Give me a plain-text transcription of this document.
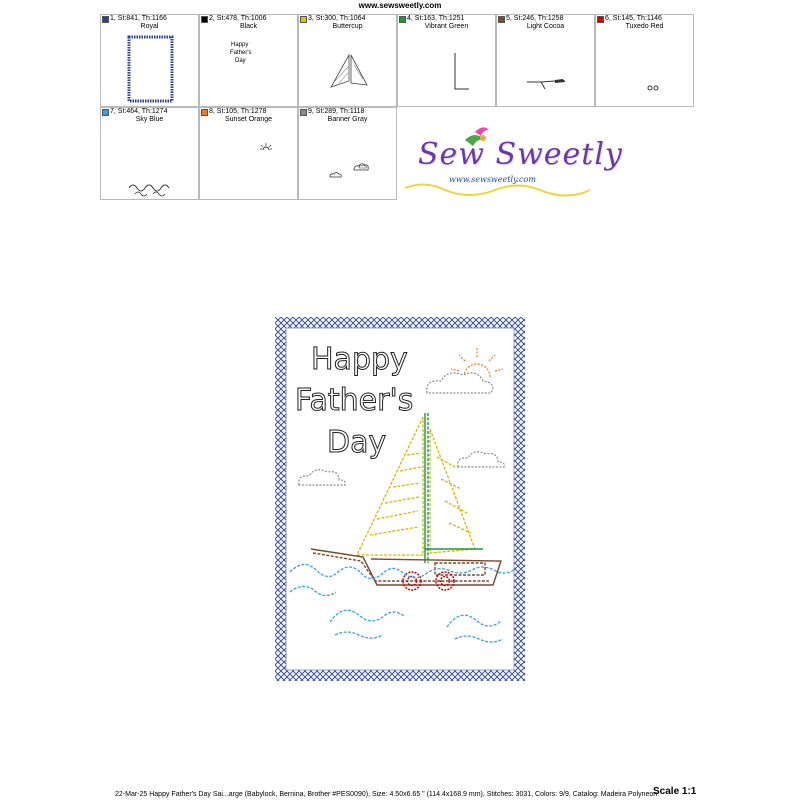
www.sewsweetly.com
1, St:841, Th:1166
Royal
2, St:478, Th:1006
Black
Happy
Father's
Day
3, St:300, Th:1064
Buttercup
4, St:163, Th:1251
Vibrant Green
5, St:246, Th:1258
Light Cocoa
6, St:145, Th:1146
Tuxedo Red
7, St:464, Th:1274
Sky Blue
8, St:105, Th:1278
Sunset Orange
9, St:289, Th:1118
Banner Gray
Sew Sweetly
www.sewsweetly.com
Happy
Father's
Day
22-Mar-25 Happy Father's Day Sai...arge (Babylock, Bernina, Brother #PES0090), Size: 4.50x6.65 " (114.4x168.9 mm), Stitches: 3031, Colors: 9/9, Catalog: Madeira Polyneon
Scale 1:1
